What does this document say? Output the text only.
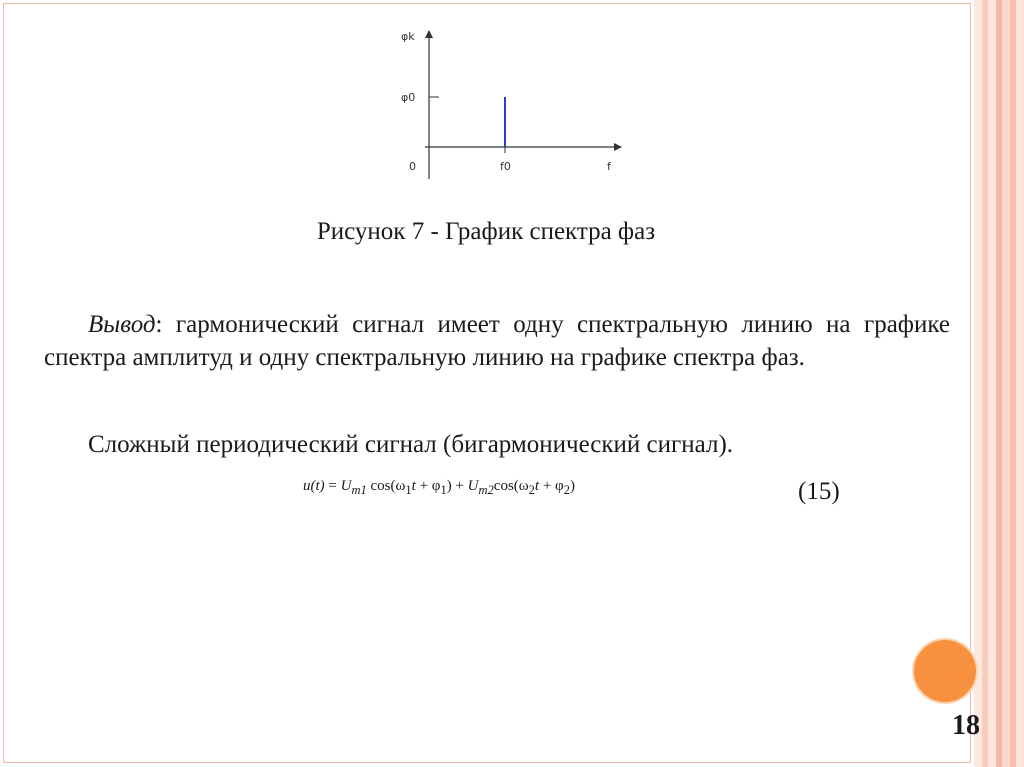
φk
φ0
0	f0	f
Рисунок 7 - График спектра фаз

Вывод: гармонический сигнал имеет одну спектральную линию на графике спектра амплитуд и одну спектральную линию на графике спектра фаз.

Сложный периодический сигнал (бигармонический сигнал).

$u(t) = U_{m1}$ $\cos(\omega_1t + \varphi_1) + U_{m2}\cos(\omega_2t + \varphi_2)$	(15)
18
